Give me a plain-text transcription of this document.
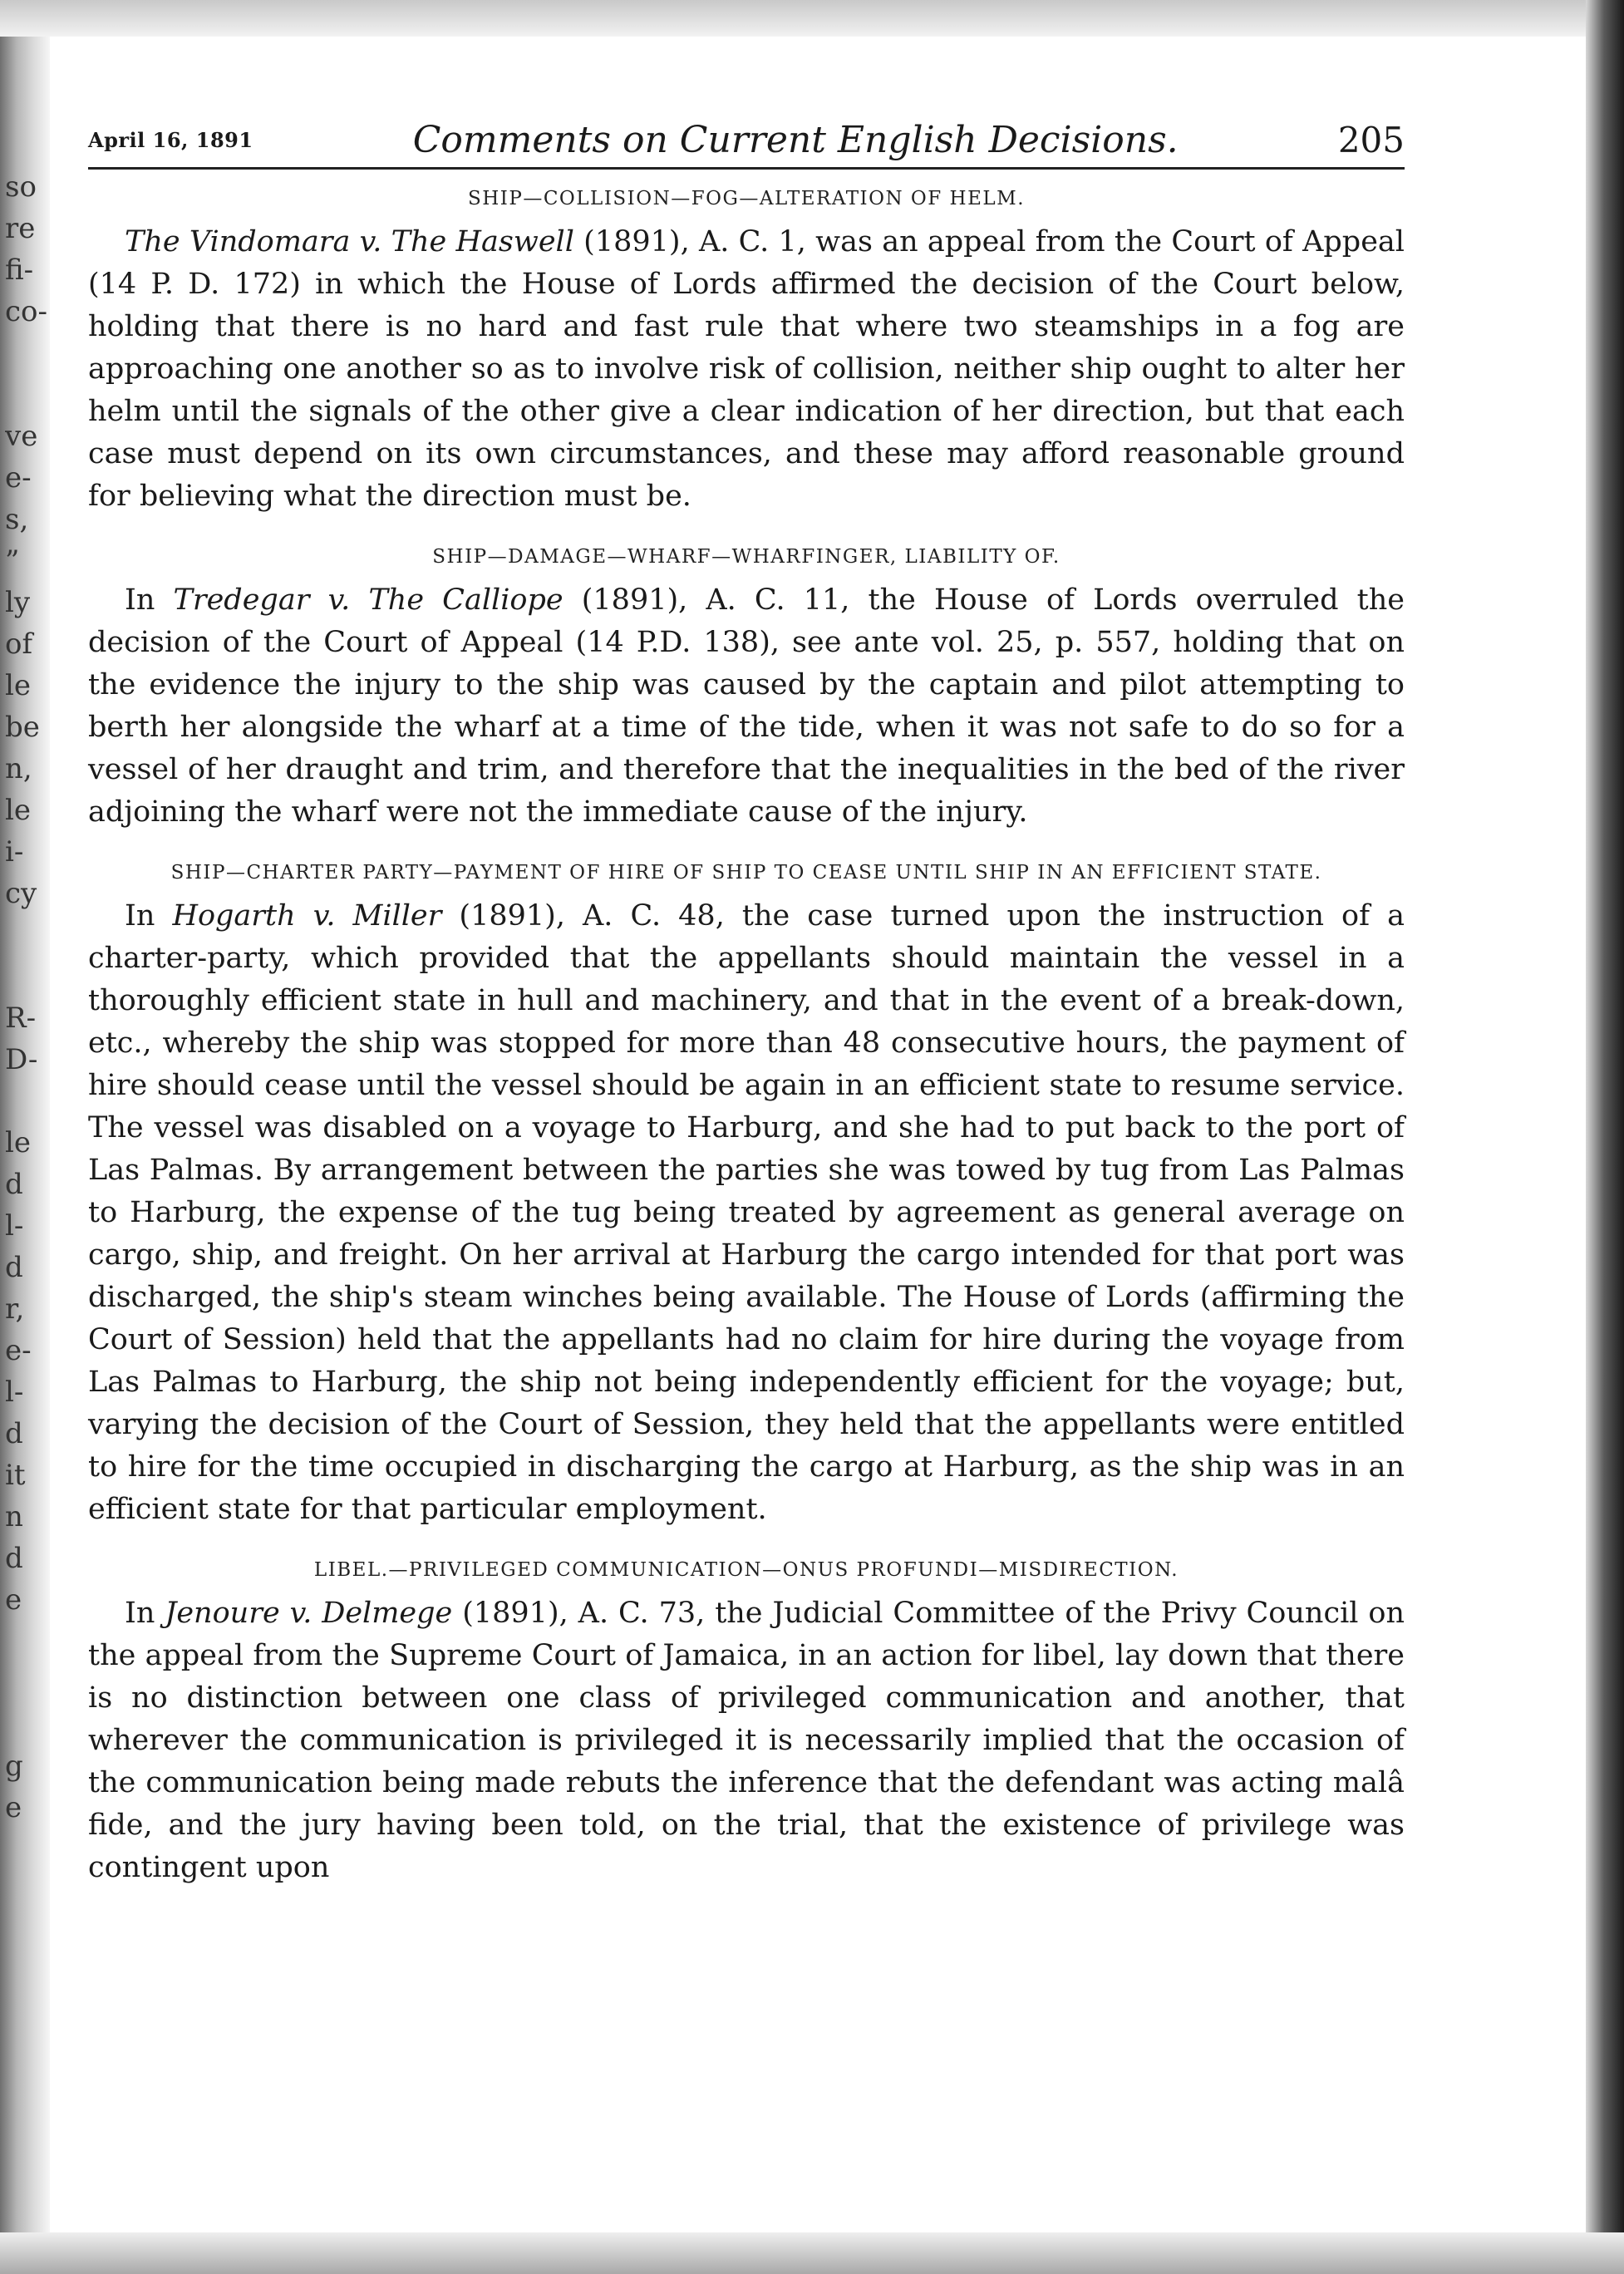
so
re
fi-
co-
ve
e-
s,
”
ly
of
le
be
n,
le
i-
cy
R-
D-
le
d
l-
d
r,
e-
l-
d
it
n
d
e
g
e
April 16, 1891	Comments on Current English Decisions.	205
SHIP—COLLISION—FOG—ALTERATION OF HELM.

The Vindomara v. The Haswell (1891), A. C. 1, was an appeal from the Court of Appeal (14 P. D. 172) in which the House of Lords affirmed the decision of the Court below, holding that there is no hard and fast rule that where two steamships in a fog are approaching one another so as to involve risk of collision, neither ship ought to alter her helm until the signals of the other give a clear indication of her direction, but that each case must depend on its own circumstances, and these may afford reasonable ground for believing what the direction must be.

SHIP—DAMAGE—WHARF—WHARFINGER, LIABILITY OF.

In Tredegar v. The Calliope (1891), A. C. 11, the House of Lords overruled the decision of the Court of Appeal (14 P.D. 138), see ante vol. 25, p. 557, holding that on the evidence the injury to the ship was caused by the captain and pilot attempting to berth her alongside the wharf at a time of the tide, when it was not safe to do so for a vessel of her draught and trim, and therefore that the inequalities in the bed of the river adjoining the wharf were not the immediate cause of the injury.

SHIP—CHARTER PARTY—PAYMENT OF HIRE OF SHIP TO CEASE UNTIL SHIP IN AN EFFICIENT STATE.

In Hogarth v. Miller (1891), A. C. 48, the case turned upon the instruction of a charter-party, which provided that the appellants should maintain the vessel in a thoroughly efficient state in hull and machinery, and that in the event of a break-down, etc., whereby the ship was stopped for more than 48 consecutive hours, the payment of hire should cease until the vessel should be again in an efficient state to resume service. The vessel was disabled on a voyage to Harburg, and she had to put back to the port of Las Palmas. By arrangement between the parties she was towed by tug from Las Palmas to Harburg, the expense of the tug being treated by agreement as general average on cargo, ship, and freight. On her arrival at Harburg the cargo intended for that port was discharged, the ship's steam winches being available. The House of Lords (affirming the Court of Session) held that the appellants had no claim for hire during the voyage from Las Palmas to Harburg, the ship not being independently efficient for the voyage; but, varying the decision of the Court of Session, they held that the appellants were entitled to hire for the time occupied in discharging the cargo at Harburg, as the ship was in an efficient state for that particular employment.

LIBEL.—PRIVILEGED COMMUNICATION—ONUS PROFUNDI—MISDIRECTION.

In Jenoure v. Delmege (1891), A. C. 73, the Judicial Committee of the Privy Council on the appeal from the Supreme Court of Jamaica, in an action for libel, lay down that there is no distinction between one class of privileged communication and another, that wherever the communication is privileged it is necessarily implied that the occasion of the communication being made rebuts the inference that the defendant was acting malâ fide, and the jury having been told, on the trial, that the existence of privilege was contingent upon
